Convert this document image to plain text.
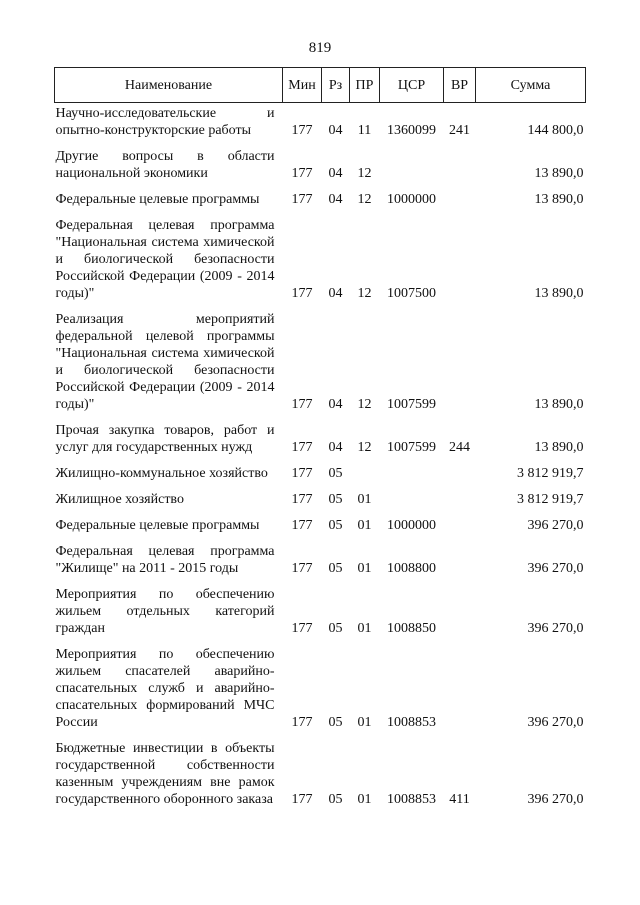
819
Наименование	Мин	Рз	ПР	ЦСР	ВР	Сумма
Научно-исследовательские и опытно-конструкторские работы	177	04	11	1360099	241	144 800,0
Другие вопросы в области национальной экономики	177	04	12			13 890,0
Федеральные целевые программы	177	04	12	1000000		13 890,0
Федеральная целевая программа "Национальная система химической и биологической безопасности Российской Федерации (2009 - 2014 годы)"	177	04	12	1007500		13 890,0
Реализация мероприятий федеральной целевой программы "Национальная система химической и биологической безопасности Российской Федерации (2009 - 2014 годы)"	177	04	12	1007599		13 890,0
Прочая закупка товаров, работ и услуг для государственных нужд	177	04	12	1007599	244	13 890,0
Жилищно-коммунальное хозяйство	177	05				3 812 919,7
Жилищное хозяйство	177	05	01			3 812 919,7
Федеральные целевые программы	177	05	01	1000000		396 270,0
Федеральная целевая программа "Жилище" на 2011 - 2015 годы	177	05	01	1008800		396 270,0
Мероприятия по обеспечению жильем отдельных категорий граждан	177	05	01	1008850		396 270,0
Мероприятия по обеспечению жильем спасателей аварийно-спасательных служб и аварийно-спасательных формирований МЧС России	177	05	01	1008853		396 270,0
Бюджетные инвестиции в объекты государственной собственности казенным учреждениям вне рамок государственного оборонного заказа	177	05	01	1008853	411	396 270,0
